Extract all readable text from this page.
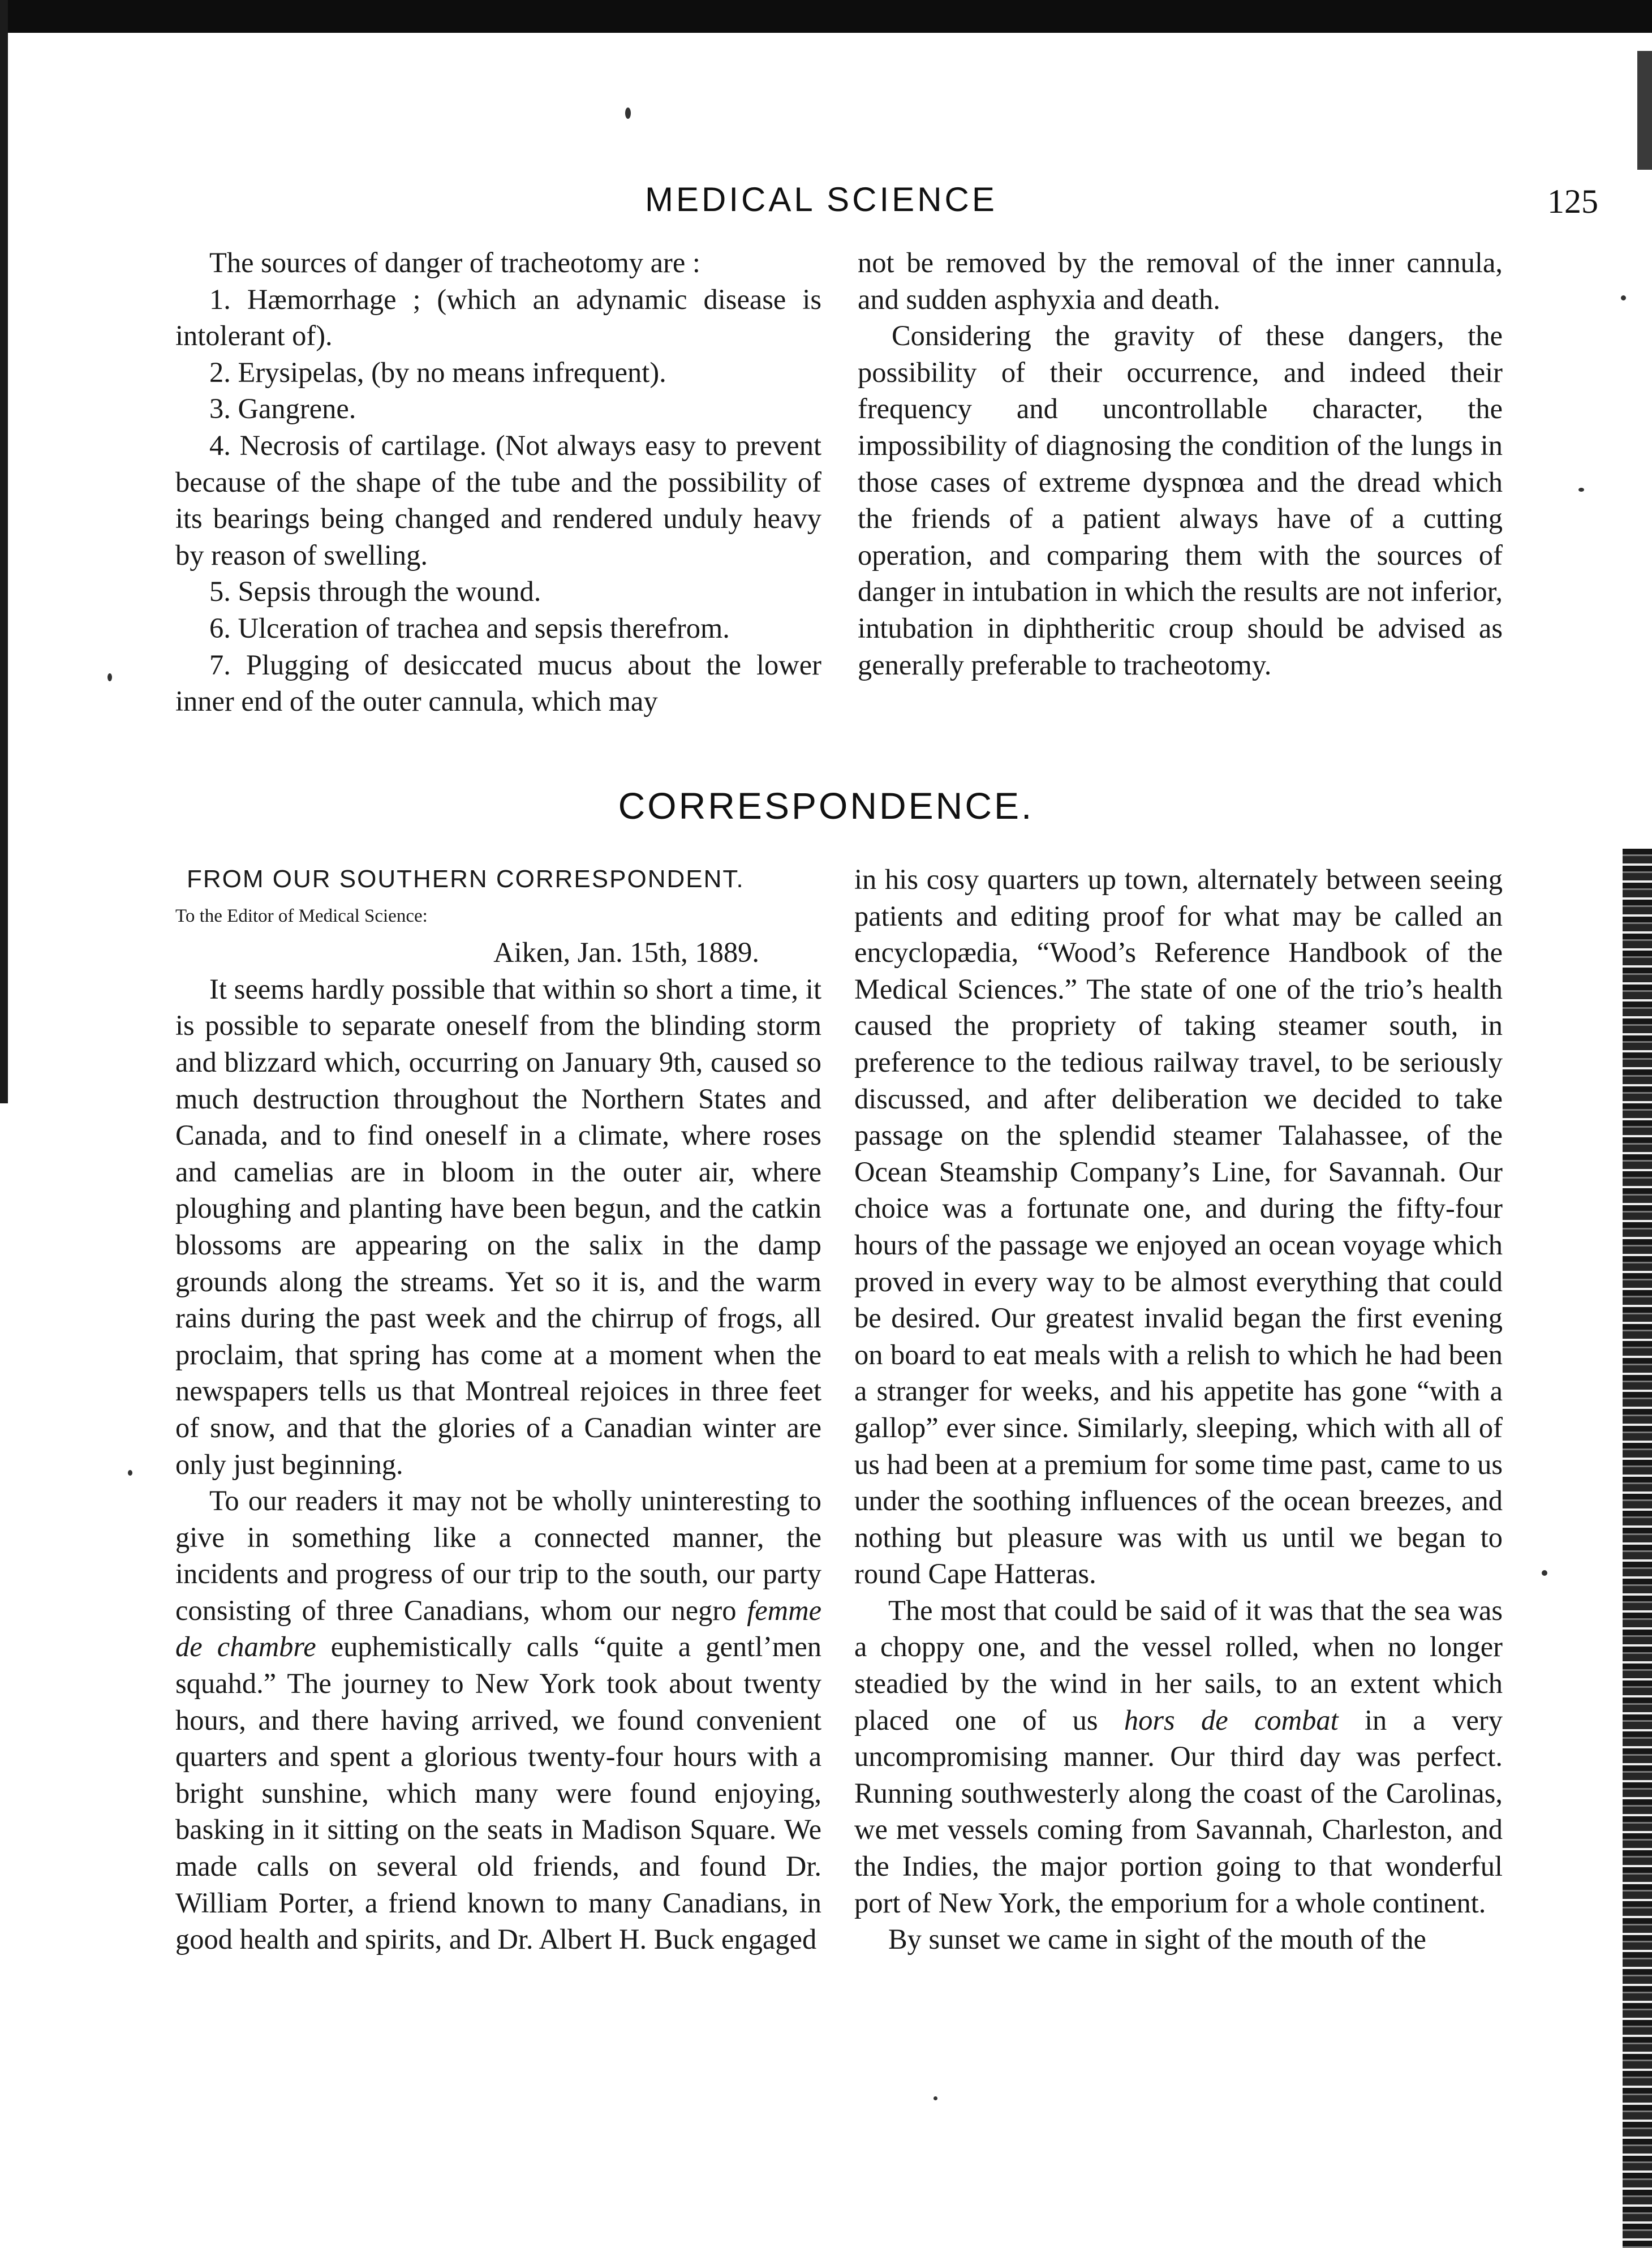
MEDICAL SCIENCE	125

The sources of danger of tracheotomy are :

1. Hæmorrhage ; (which an adynamic disease is intolerant of).

2. Erysipelas, (by no means infrequent).

3. Gangrene.

4. Necrosis of cartilage. (Not always easy to prevent because of the shape of the tube and the possibility of its bearings being changed and rendered unduly heavy by reason of swelling.

5. Sepsis through the wound.

6. Ulceration of trachea and sepsis therefrom.

7. Plugging of desiccated mucus about the lower inner end of the outer cannula, which may

not be removed by the removal of the inner cannula, and sudden asphyxia and death.

Considering the gravity of these dangers, the possibility of their occurrence, and indeed their frequency and uncontrollable character, the impossibility of diagnosing the condition of the lungs in those cases of extreme dyspnœa and the dread which the friends of a patient always have of a cutting operation, and comparing them with the sources of danger in intubation in which the results are not inferior, intubation in diphtheritic croup should be advised as generally preferable to tracheotomy.

CORRESPONDENCE.

FROM OUR SOUTHERN CORRESPONDENT.

To the Editor of Medical Science:

Aiken, Jan. 15th, 1889.

It seems hardly possible that within so short a time, it is possible to separate oneself from the blinding storm and blizzard which, occurring on January 9th, caused so much destruction throughout the Northern States and Canada, and to find oneself in a climate, where roses and camelias are in bloom in the outer air, where ploughing and planting have been begun, and the catkin blossoms are appearing on the salix in the damp grounds along the streams. Yet so it is, and the warm rains during the past week and the chirrup of frogs, all proclaim, that spring has come at a moment when the newspapers tells us that Montreal rejoices in three feet of snow, and that the glories of a Canadian winter are only just beginning.

To our readers it may not be wholly uninteresting to give in something like a connected manner, the incidents and progress of our trip to the south, our party consisting of three Canadians, whom our negro femme de chambre euphemistically calls “quite a gentl’men squahd.” The journey to New York took about twenty hours, and there having arrived, we found convenient quarters and spent a glorious twenty-four hours with a bright sunshine, which many were found enjoying, basking in it sitting on the seats in Madison Square. We made calls on several old friends, and found Dr. William Porter, a friend known to many Canadians, in good health and spirits, and Dr. Albert H. Buck engaged

in his cosy quarters up town, alternately between seeing patients and editing proof for what may be called an encyclopædia, “Wood’s Reference Handbook of the Medical Sciences.” The state of one of the trio’s health caused the propriety of taking steamer south, in preference to the tedious railway travel, to be seriously discussed, and after deliberation we decided to take passage on the splendid steamer Talahassee, of the Ocean Steamship Company’s Line, for Savannah. Our choice was a fortunate one, and during the fifty-four hours of the passage we enjoyed an ocean voyage which proved in every way to be almost everything that could be desired. Our greatest invalid began the first evening on board to eat meals with a relish to which he had been a stranger for weeks, and his appetite has gone “with a gallop” ever since. Similarly, sleeping, which with all of us had been at a premium for some time past, came to us under the soothing influences of the ocean breezes, and nothing but pleasure was with us until we began to round Cape Hatteras.

The most that could be said of it was that the sea was a choppy one, and the vessel rolled, when no longer steadied by the wind in her sails, to an extent which placed one of us hors de combat in a very uncompromising manner. Our third day was perfect. Running southwesterly along the coast of the Carolinas, we met vessels coming from Savannah, Charleston, and the Indies, the major portion going to that wonderful port of New York, the emporium for a whole continent.

By sunset we came in sight of the mouth of the
